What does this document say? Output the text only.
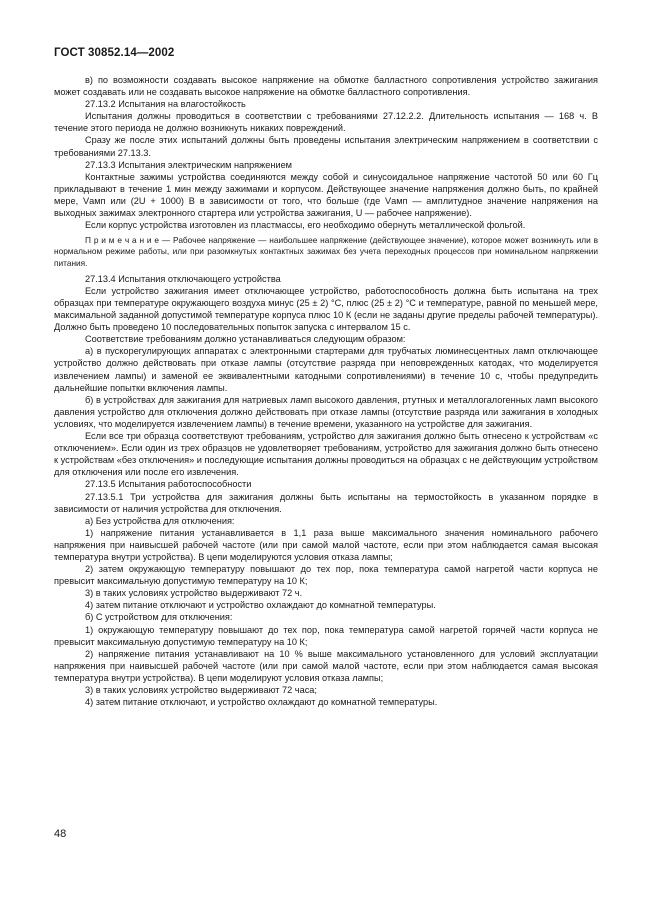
ГОСТ 30852.14—2002

в) по возможности создавать высокое напряжение на обмотке балластного сопротивления устройство зажигания может создавать или не создавать высокое напряжение на обмотке балластного сопротивления.

27.13.2 Испытания на влагостойкость

Испытания должны проводиться в соответствии с требованиями 27.12.2.2. Длительность испытания — 168 ч. В течение этого периода не должно возникнуть никаких повреждений.

Сразу же после этих испытаний должны быть проведены испытания электрическим напряжением в соответствии с требованиями 27.13.3.

27.13.3 Испытания электрическим напряжением

Контактные зажимы устройства соединяются между собой и синусоидальное напряжение частотой 50 или 60 Гц прикладывают в течение 1 мин между зажимами и корпусом. Действующее значение напряжения должно быть, по крайней мере, Vамп или (2U + 1000) В в зависимости от того, что больше (где Vамп — амплитудное значение напряжения на выходных зажимах электронного стартера или устройства зажигания, U — рабочее напряжение).

Если корпус устройства изготовлен из пластмассы, его необходимо обернуть металлической фольгой.

П р и м е ч а н и е — Рабочее напряжение — наибольшее напряжение (действующее значение), которое может возникнуть или в нормальном режиме работы, или при разомкнутых контактных зажимах без учета переходных процессов при номинальном напряжении питания.

27.13.4 Испытания отключающего устройства

Если устройство зажигания имеет отключающее устройство, работоспособность должна быть испытана на трех образцах при температуре окружающего воздуха минус (25 ± 2) °С, плюс (25 ± 2) °С и температуре, равной по меньшей мере, максимальной заданной допустимой температуре корпуса плюс 10 К (если не заданы другие пределы рабочей температуры). Должно быть проведено 10 последовательных попыток запуска с интервалом 15 с.

Соответствие требованиям должно устанавливаться следующим образом:

а) в пускорегулирующих аппаратах с электронными стартерами для трубчатых люминесцентных ламп отключающее устройство должно действовать при отказе лампы (отсутствие разряда при неповрежденных катодах, что моделируется извлечением лампы) и заменой ее эквивалентными катодными сопротивлениями) в течение 10 с, чтобы предупредить дальнейшие попытки включения лампы.

б) в устройствах для зажигания для натриевых ламп высокого давления, ртутных и металлогалогенных ламп высокого давления устройство для отключения должно действовать при отказе лампы (отсутствие разряда или зажигания в холодных условиях, что моделируется извлечением лампы) в течение времени, указанного на устройстве для зажигания.

Если все три образца соответствуют требованиям, устройство для зажигания должно быть отнесено к устройствам «с отключением». Если один из трех образцов не удовлетворяет требованиям, устройство для зажигания должно быть отнесено к устройствам «без отключения» и последующие испытания должны проводиться на образцах с не действующим устройством для отключения или после его извлечения.

27.13.5 Испытания работоспособности

27.13.5.1 Три устройства для зажигания должны быть испытаны на термостойкость в указанном порядке в зависимости от наличия устройства для отключения.

а) Без устройства для отключения:

1) напряжение питания устанавливается в 1,1 раза выше максимального значения номинального рабочего напряжения при наивысшей рабочей частоте (или при самой малой частоте, если при этом наблюдается самая высокая температура внутри устройства). В цепи моделируются условия отказа лампы;

2) затем окружающую температуру повышают до тех пор, пока температура самой нагретой части корпуса не превысит максимальную допустимую температуру на 10 К;

3) в таких условиях устройство выдерживают 72 ч.

4) затем питание отключают и устройство охлаждают до комнатной температуры.

б) С устройством для отключения:

1) окружающую температуру повышают до тех пор, пока температура самой нагретой горячей части корпуса не превысит максимальную допустимую температуру на 10 К;

2) напряжение питания устанавливают на 10 % выше максимального установленного для условий эксплуатации напряжения при наивысшей рабочей частоте (или при самой малой частоте, если при этом наблюдается самая высокая температура внутри устройства). В цепи моделируют условия отказа лампы;

3) в таких условиях устройство выдерживают 72 часа;

4) затем питание отключают, и устройство охлаждают до комнатной температуры.

48
